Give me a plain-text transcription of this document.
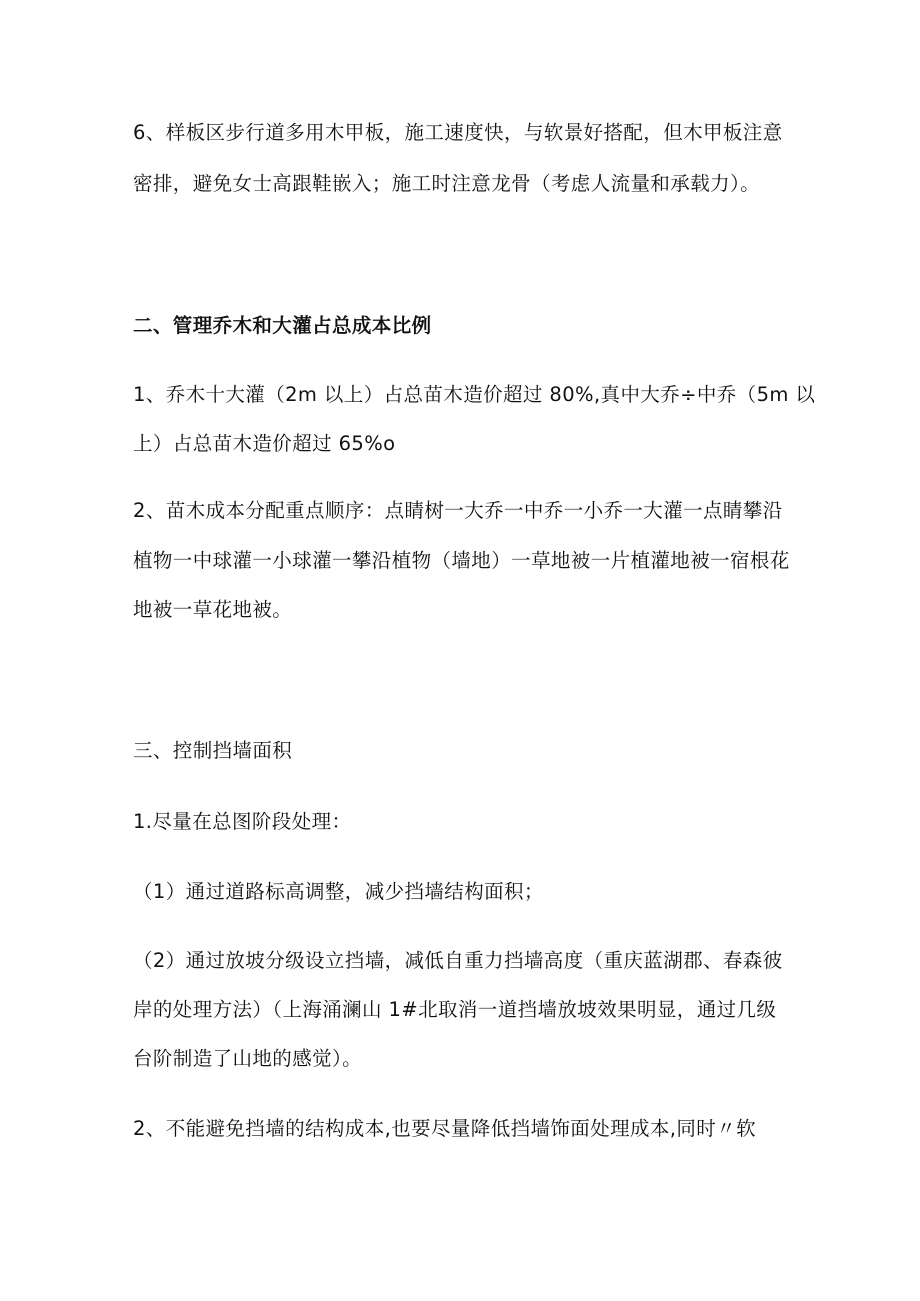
6、样板区步行道多用木甲板，施工速度快，与软景好搭配，但木甲板注意
密排，避免女士高跟鞋嵌入；施工时注意龙骨（考虑人流量和承载力）。
二、管理乔木和大灌占总成本比例
1、乔木十大灌（2m 以上）占总苗木造价超过 80%,真中大乔÷中乔（5m 以
上）占总苗木造价超过 65%o
2、苗木成本分配重点顺序：点睛树一大乔一中乔一小乔一大灌一点睛攀沿
植物一中球灌一小球灌一攀沿植物（墙地）一草地被一片植灌地被一宿根花
地被一草花地被。
三、控制挡墙面积
1.尽量在总图阶段处理：
（1）通过道路标高调整，减少挡墙结构面积；
（2）通过放坡分级设立挡墙，减低自重力挡墙高度（重庆蓝湖郡、春森彼
岸的处理方法）（上海涌澜山 1#北取消一道挡墙放坡效果明显，通过几级
台阶制造了山地的感觉）。
2、不能避免挡墙的结构成本,也要尽量降低挡墙饰面处理成本,同时〃软
